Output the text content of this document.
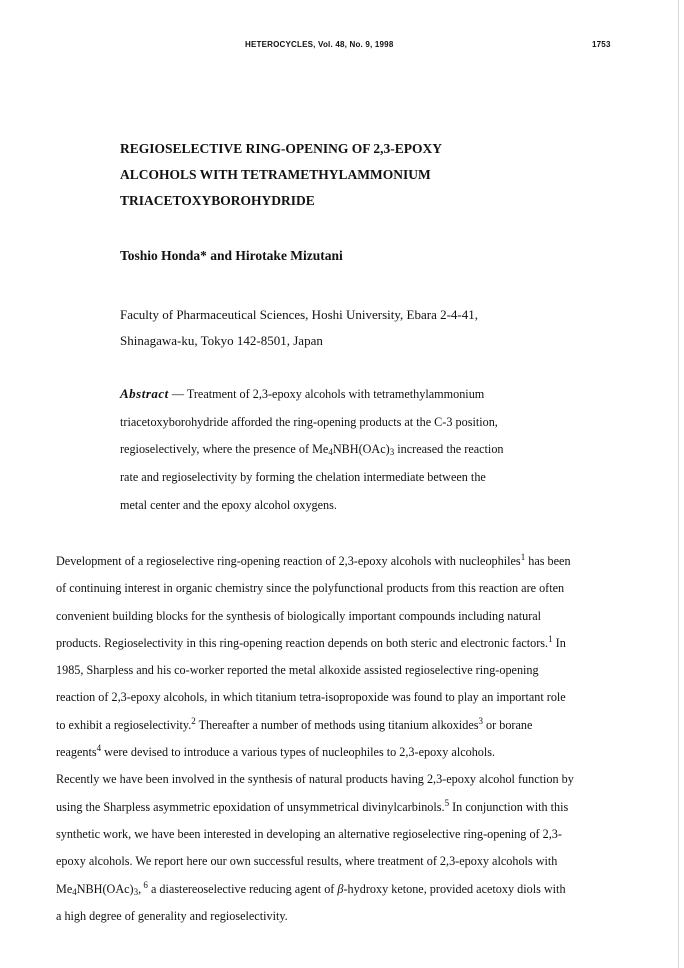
HETEROCYCLES, Vol. 48, No. 9, 1998	1753
REGIOSELECTIVE RING-OPENING OF 2,3-EPOXY
ALCOHOLS WITH TETRAMETHYLAMMONIUM
TRIACETOXYBOROHYDRIDE
Toshio Honda* and Hirotake Mizutani
Faculty of Pharmaceutical Sciences, Hoshi University, Ebara 2-4-41,
Shinagawa-ku, Tokyo 142-8501, Japan
Abstract — Treatment of 2,3-epoxy alcohols with tetramethylammonium
triacetoxyborohydride afforded the ring-opening products at the C-3 position,
regioselectively, where the presence of $Me_4NBH(OAc)_3$ increased the reaction
rate and regioselectivity by forming the chelation intermediate between the
metal center and the epoxy alcohol oxygens.
Development of a regioselective ring-opening reaction of 2,3-epoxy alcohols with nucleophiles$^1$ has been
of continuing interest in organic chemistry since the polyfunctional products from this reaction are often
convenient building blocks for the synthesis of biologically important compounds including natural
products. Regioselectivity in this ring-opening reaction depends on both steric and electronic factors.$^1$ In
1985, Sharpless and his co-worker reported the metal alkoxide assisted regioselective ring-opening
reaction of 2,3-epoxy alcohols, in which titanium tetra-isopropoxide was found to play an important role
to exhibit a regioselectivity.$^2$ Thereafter a number of methods using titanium alkoxides$^3$ or borane
reagents$^4$ were devised to introduce a various types of nucleophiles to 2,3-epoxy alcohols.
Recently we have been involved in the synthesis of natural products having 2,3-epoxy alcohol function by
using the Sharpless asymmetric epoxidation of unsymmetrical divinylcarbinols.$^5$ In conjunction with this
synthetic work, we have been interested in developing an alternative regioselective ring-opening of 2,3-
epoxy alcohols. We report here our own successful results, where treatment of 2,3-epoxy alcohols with
$Me_4NBH(OAc)_3$, $^6$ a diastereoselective reducing agent of β-hydroxy ketone, provided acetoxy diols with
a high degree of generality and regioselectivity.
